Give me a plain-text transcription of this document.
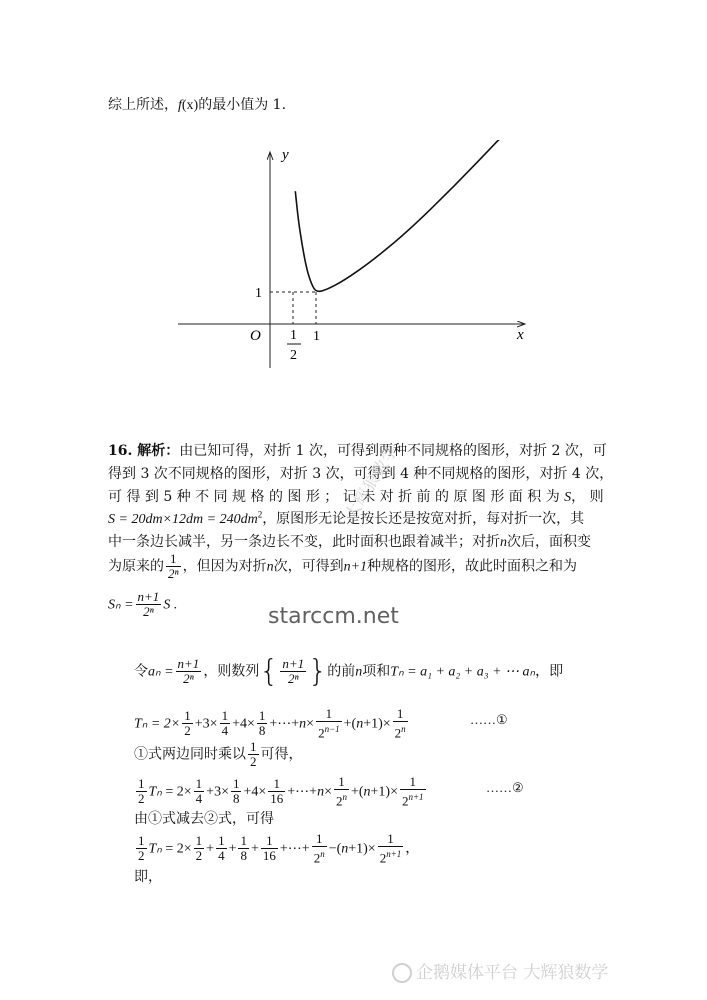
综上所述，f(x)的最小值为 1.
y
x
O
1
1
1
2
16. 解析：由已知可得，对折 1 次，可得到两种不同规格的图形，对折 2 次，可
得到 3 次不同规格的图形，对折 3 次，可得到 4 种不同规格的图形，对折 4 次，
可 得 到 5 种 不 同 规 格 的 图 形 ； 记 未 对 折 前 的 原 图 形 面 积 为 S， 则
$S = 20dm\times 12dm = 240dm^2$，原图形无论是按长还是按宽对折，每对折一次，其
中一条边长减半，另一条边长不变，此时面积也跟着减半；对折n次后，面积变
为原来的 $\frac{1}{\text{2ⁿ}}$ ，但因为对折n次，可得到n+1种规格的图形，故此时面积之和为
$S_n = \frac{n+1}{\text{2ⁿ}}$ S .
大辉狼数学
starccm.net
令$a_n = \frac{n+1}{\text{2ⁿ}}$ ，则数列{ $\frac{n+1}{\text{2ⁿ}}$ }的前n项和Tₙ = a₁ + a₂ + a₃ + ⋯ aₙ，即
$T_n = 2\times \frac{1}{2} +3\times \frac{1}{4} +4\times \frac{1}{8}$ +⋯+n× $\frac{1}{2^{n-1}} +(n+1)\times \frac{1}{2^n}$	……①
①式两边同时乘以 $\frac{1}{2}$ 可得，
$\frac{1}{2}$ $T_n = 2\times \frac{1}{4} +3\times \frac{1}{8} +4\times \frac{1}{16}$ +⋯+n× $\frac{1}{2^n} +(n+1)\times \frac{1}{2^{n+1}}$	……②
由①式减去②式，可得
$\frac{1}{2}$ $T_n = 2\times \frac{1}{2} + \frac{1}{4} + \frac{1}{8} + \frac{1}{16}$ +⋯+ $\frac{1}{2^n} -(n+1)\times \frac{1}{2^{n+1}}$ ，
即，
企鹅媒体平台 大辉狼数学
